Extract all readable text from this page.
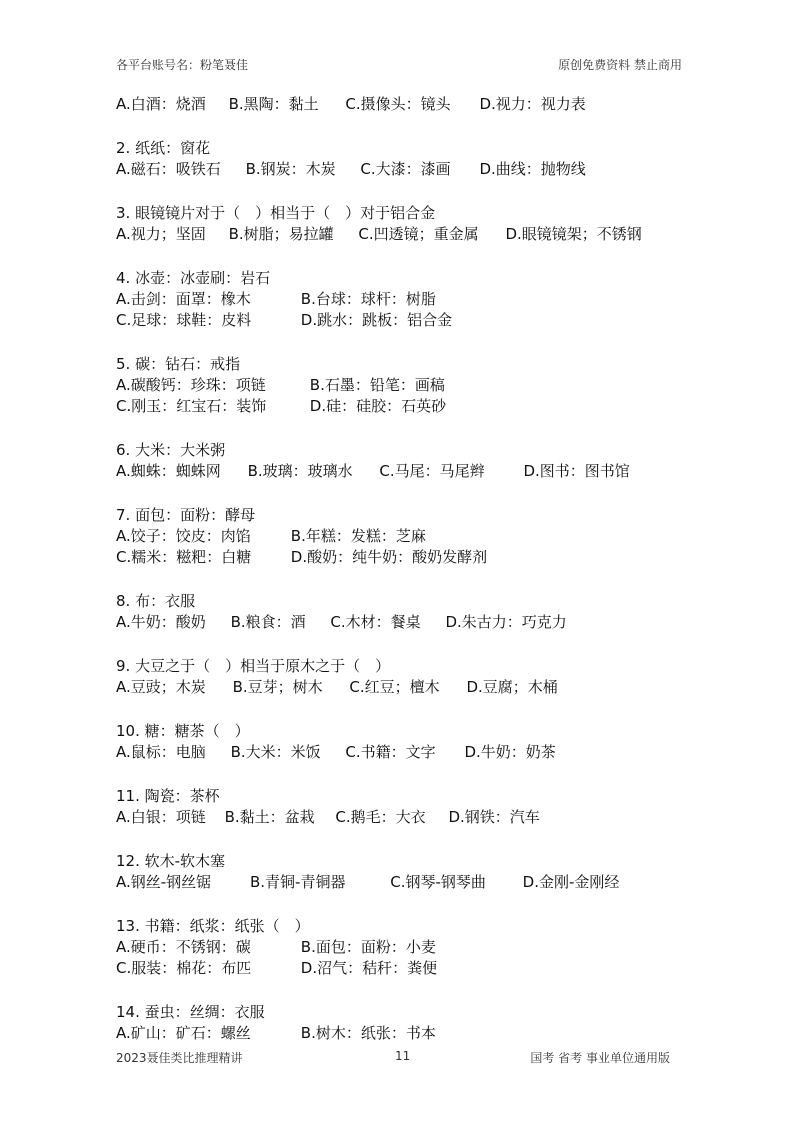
各平台账号名：粉笔聂佳	原创免费资料 禁止商用
A.白酒：烧酒 B.黑陶：黏土 C.摄像头：镜头 D.视力：视力表
2. 纸纸：窗花
A.磁石：吸铁石 B.钢炭：木炭 C.大漆：漆画 D.曲线：抛物线
3. 眼镜镜片对于（　）相当于（　）对于铝合金
A.视力；坚固 B.树脂；易拉罐 C.凹透镜；重金属 D.眼镜镜架；不锈钢
4. 冰壶：冰壶刷：岩石
A.击剑：面罩：橡木	B.台球：球杆：树脂
C.足球：球鞋：皮料	D.跳水：跳板：铝合金
5. 碳：钻石：戒指
A.碳酸钙：珍珠：项链	B.石墨：铅笔：画稿
C.刚玉：红宝石：装饰	D.硅：硅胶：石英砂
6. 大米：大米粥
A.蜘蛛：蜘蛛网 B.玻璃：玻璃水 C.马尾：马尾辫	D.图书：图书馆
7. 面包：面粉：酵母
A.饺子：饺皮：肉馅	B.年糕：发糕：芝麻
C.糯米：糍粑：白糖	D.酸奶：纯牛奶：酸奶发酵剂
8. 布：衣服
A.牛奶：酸奶 B.粮食：酒 C.木材：餐桌 D.朱古力：巧克力
9. 大豆之于（　）相当于原木之于（　）
A.豆豉；木炭 B.豆芽；树木 C.红豆；檀木 D.豆腐；木桶
10. 糖：糖茶（　）
A.鼠标：电脑 B.大米：米饭 C.书籍：文字 D.牛奶：奶茶
11. 陶瓷：茶杯
A.白银：项链 B.黏土：盆栽 C.鹅毛：大衣 D.钢铁：汽车
12. 软木-软木塞
A.钢丝-钢丝锯	B.青铜-青铜器	C.钢琴-钢琴曲 D.金刚-金刚经
13. 书籍：纸浆：纸张（　）
A.硬币：不锈钢：碳	B.面包：面粉：小麦
C.服装：棉花：布匹	D.沼气：秸秆：粪便
14. 蚕虫：丝绸：衣服
A.矿山：矿石：螺丝	B.树木：纸张：书本
2023聂佳类比推理精讲	11	国考 省考 事业单位通用版
